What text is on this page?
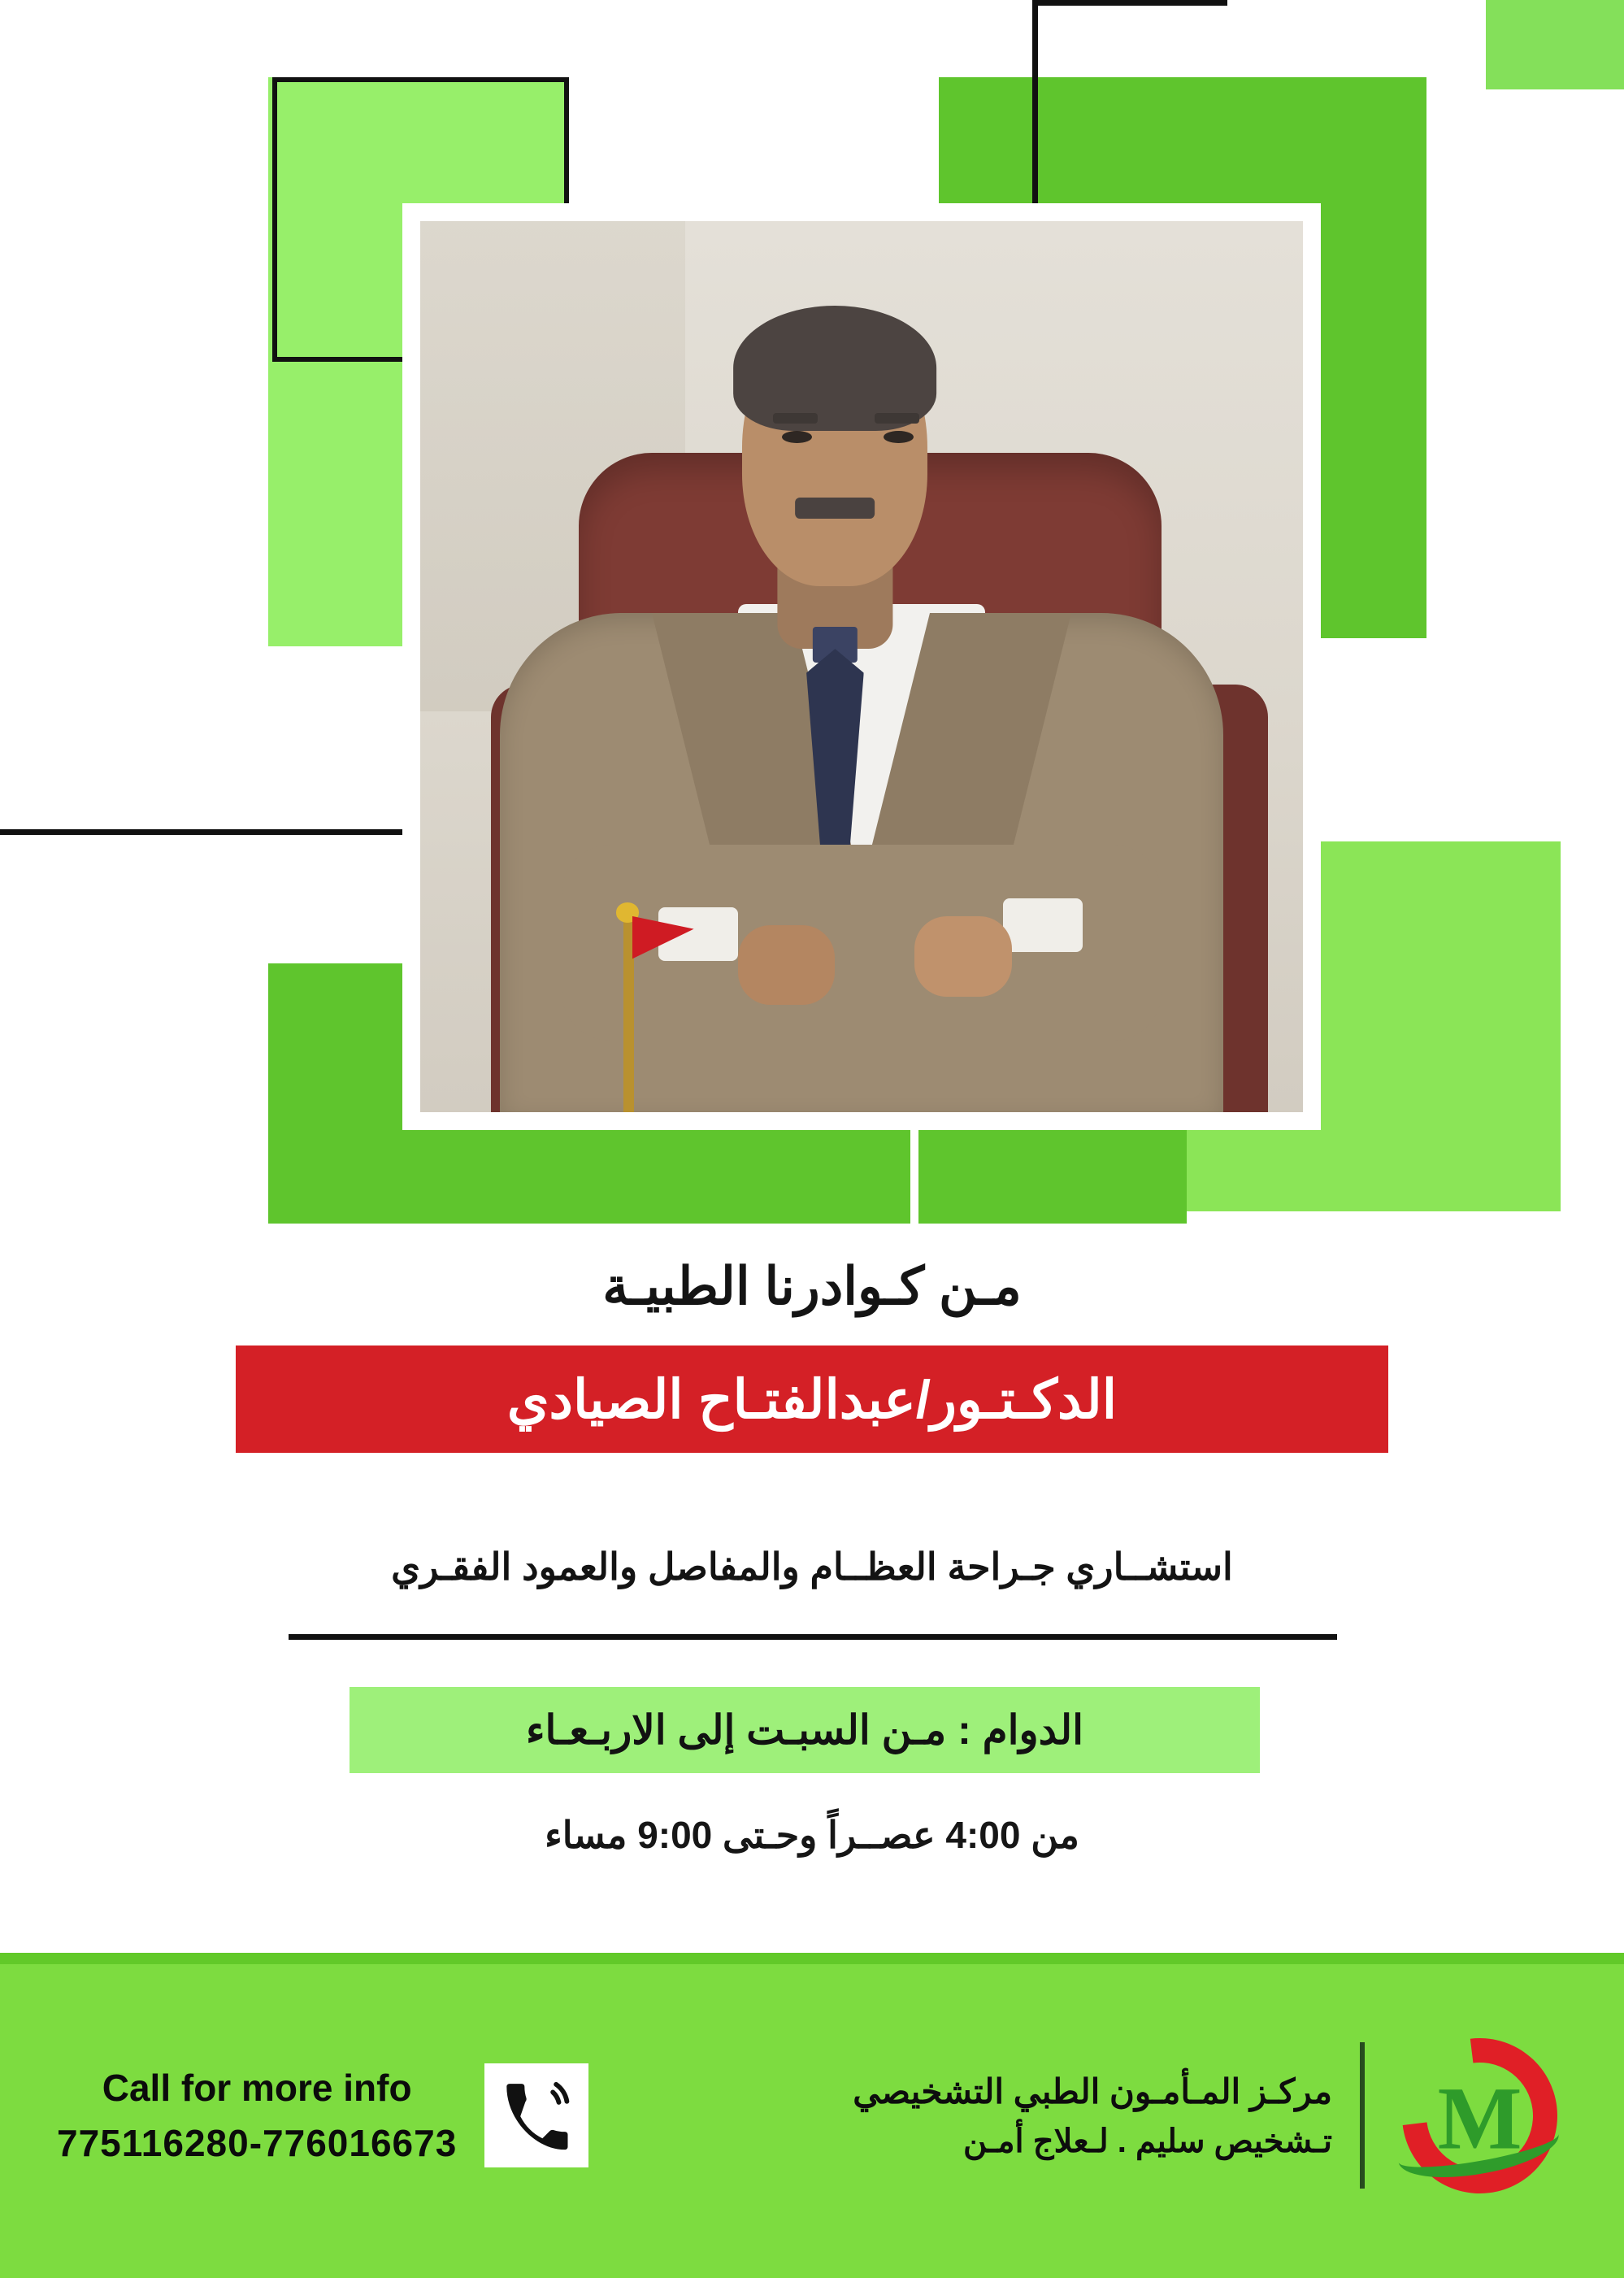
مـن كـوادرنا الطبيـة
الدكـتـور/عبدالفتـاح الصيادي
استشــاري جـراحة العظــام والمفاصل والعمود الفقـري
الدوام : مـن السبـت إلى الاربـعـاء
من 4:00 عصــراً وحـتى 9:00 مساء
M
مركـز المـأمـون الطبي التشخيصي
تـشخيص سليم . لـعلاج أمـن
Call for more info
775116280-776016673
